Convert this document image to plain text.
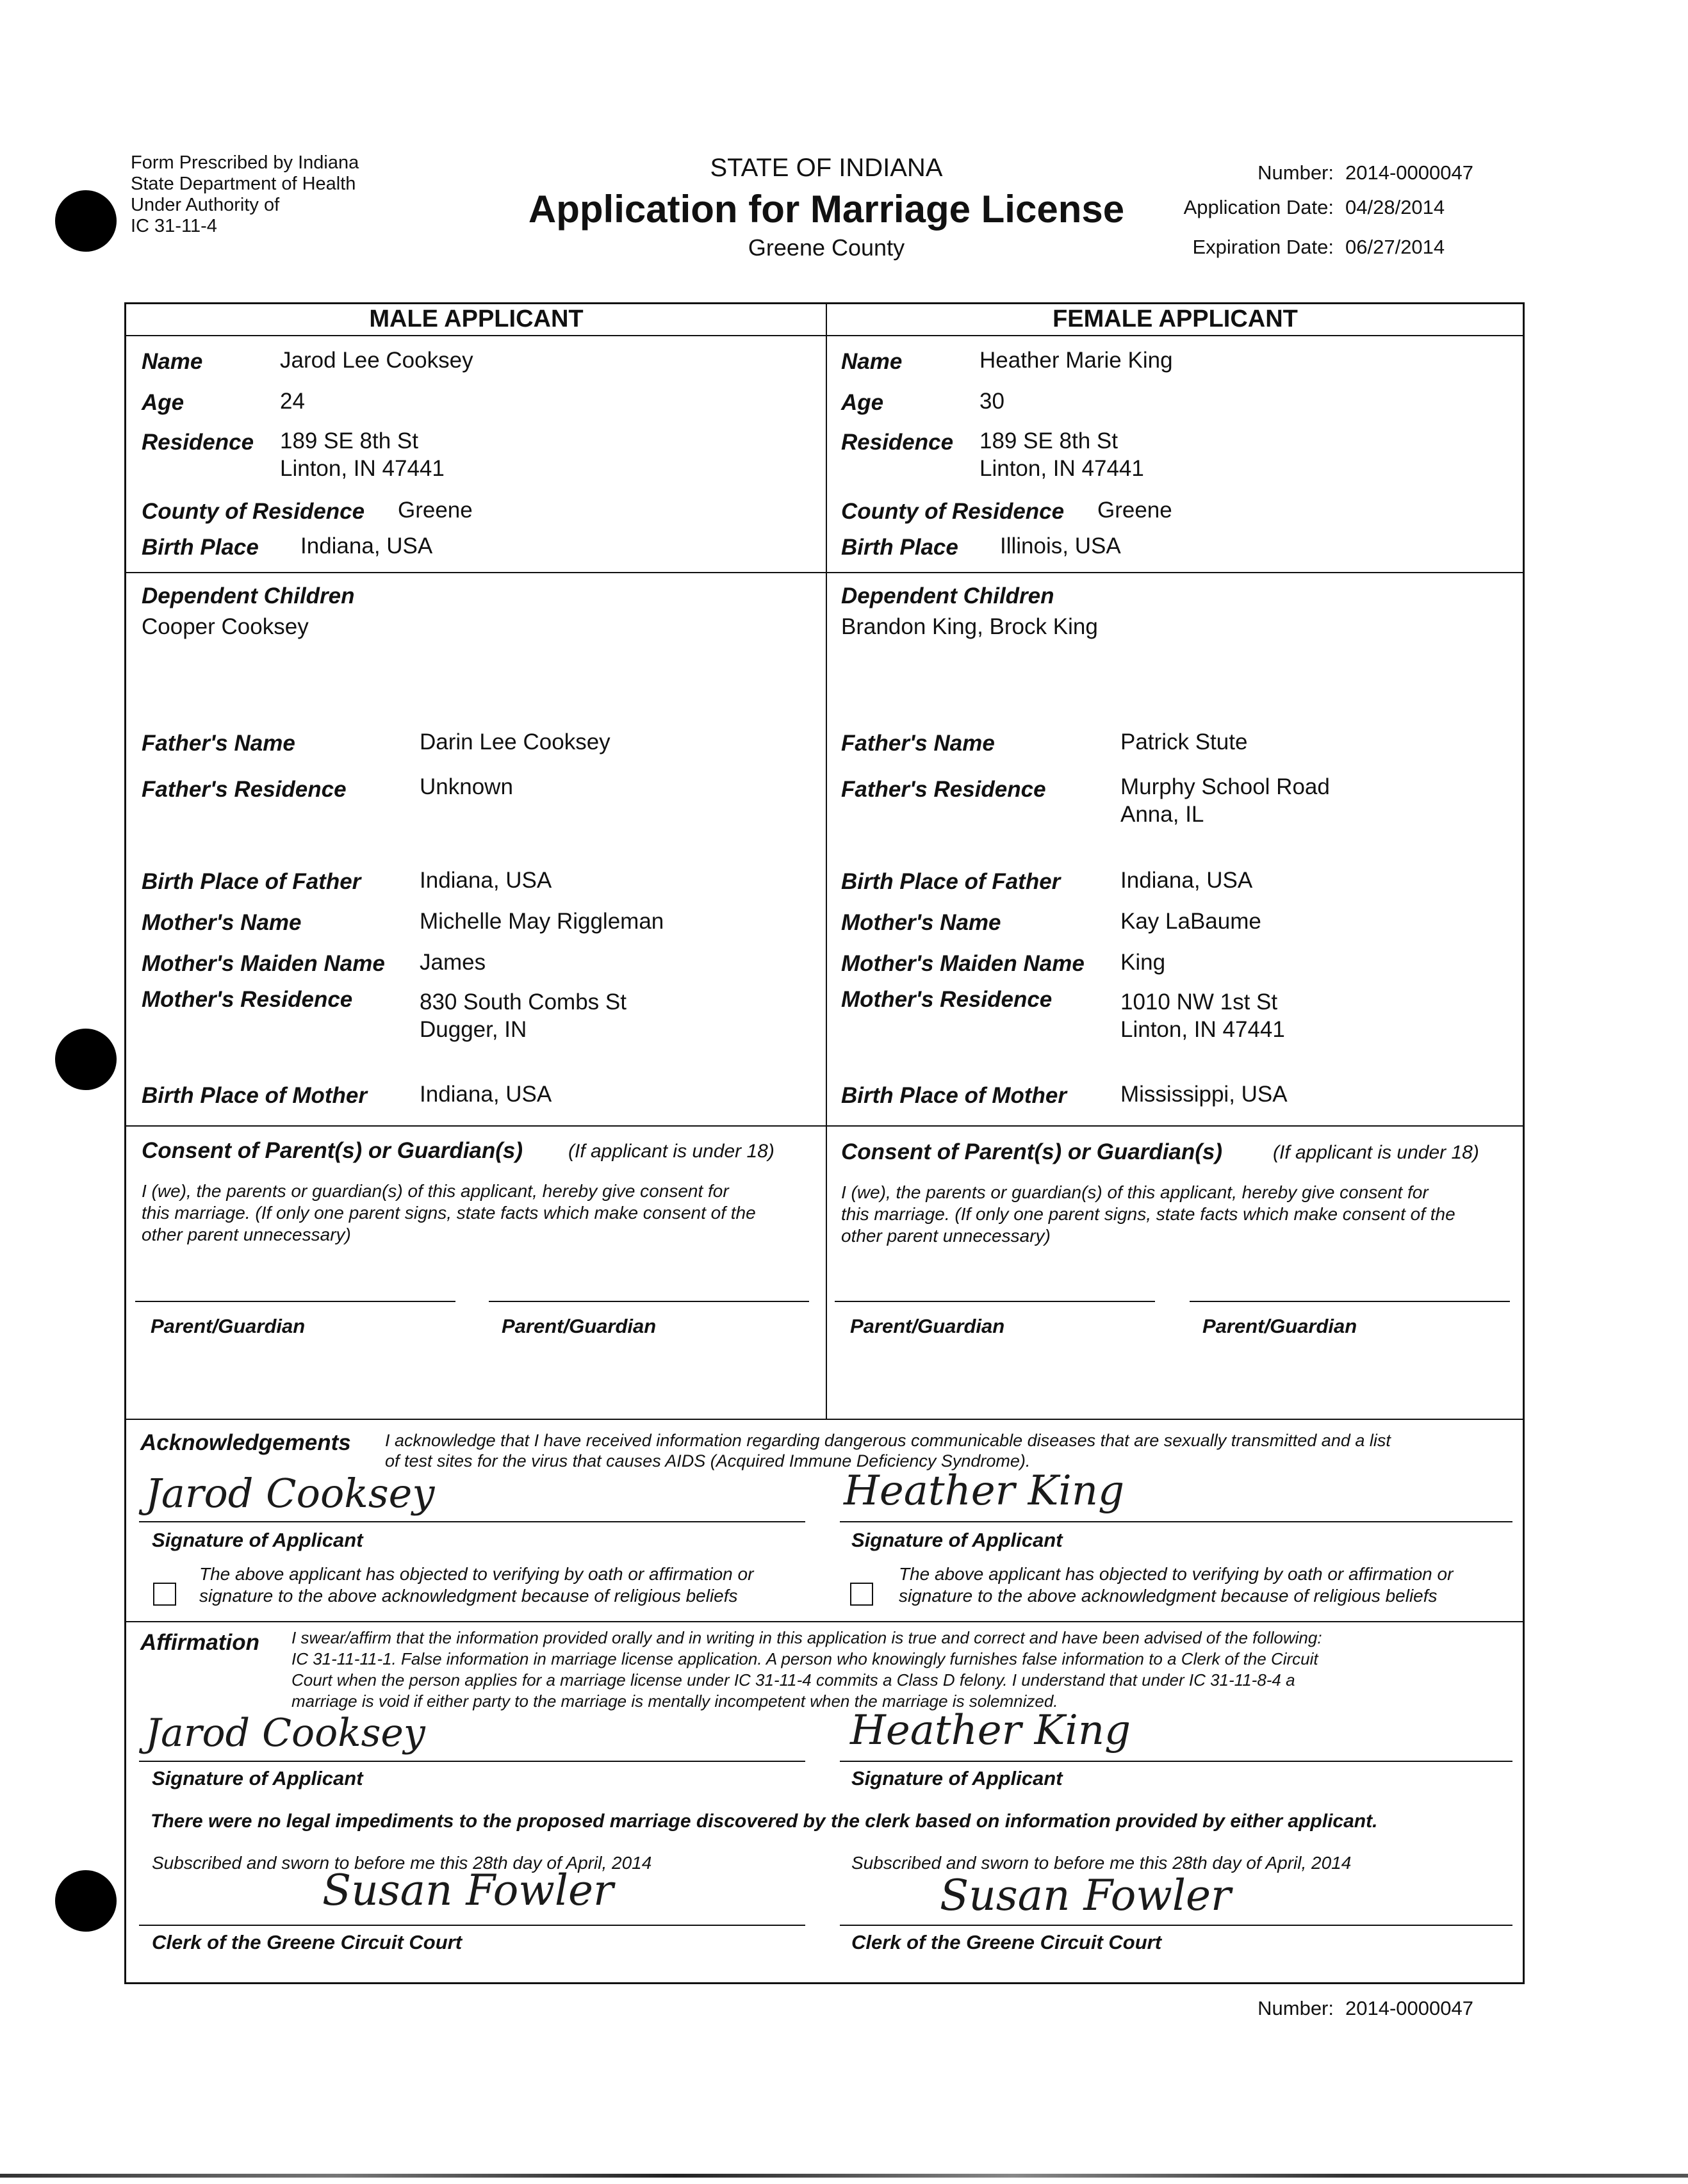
Form Prescribed by Indiana
State Department of Health
Under Authority of
IC 31-11-4
STATE OF INDIANA
Application for Marriage License
Greene County
Number: 2014-0000047
Application Date: 04/28/2014
Expiration Date: 06/27/2014
MALE APPLICANT	FEMALE APPLICANT
Name	Jarod Lee Cooksey
Age	24
Residence 189 SE 8th St
Linton, IN 47441
County of Residence Greene
Birth Place Indiana, USA
Dependent Children
Cooper Cooksey
Father's Name	Darin Lee Cooksey
Father's Residence	Unknown
Birth Place of Father	Indiana, USA
Mother's Name	Michelle May Riggleman
Mother's Maiden Name James
Mother's Residence	830 South Combs St
Dugger, IN
Birth Place of Mother Indiana, USA
Name	Heather Marie King
Age	30
Residence 189 SE 8th St
Linton, IN 47441
County of Residence Greene
Birth Place Illinois, USA
Dependent Children
Brandon King, Brock King
Father's Name	Patrick Stute
Father's Residence	Murphy School Road
Anna, IL
Birth Place of Father	Indiana, USA
Mother's Name	Kay LaBaume
Mother's Maiden Name King
Mother's Residence	1010 NW 1st St
Linton, IN 47441
Birth Place of Mother Mississippi, USA
Consent of Parent(s) or Guardian(s) (If applicant is under 18)
I (we), the parents or guardian(s) of this applicant, hereby give consent for
this marriage. (If only one parent signs, state facts which make consent of the
other parent unnecessary)
Parent/Guardian	Parent/Guardian
Consent of Parent(s) or Guardian(s)	(If applicant is under 18)
I (we), the parents or guardian(s) of this applicant, hereby give consent for
this marriage. (If only one parent signs, state facts which make consent of the
other parent unnecessary)
Parent/Guardian	Parent/Guardian
Acknowledgements I acknowledge that I have received information regarding dangerous communicable diseases that are sexually transmitted and a list
of test sites for the virus that causes AIDS (Acquired Immune Deficiency Syndrome).
Jarod Cooksey
Signature of Applicant
Heather King
Signature of Applicant
The above applicant has objected to verifying by oath or affirmation or
signature to the above acknowledgment because of religious beliefs
The above applicant has objected to verifying by oath or affirmation or
signature to the above acknowledgment because of religious beliefs
Affirmation I swear/affirm that the information provided orally and in writing in this application is true and correct and have been advised of the following:
IC 31-11-11-1. False information in marriage license application. A person who knowingly furnishes false information to a Clerk of the Circuit
Court when the person applies for a marriage license under IC 31-11-4 commits a Class D felony. I understand that under IC 31-11-8-4 a
marriage is void if either party to the marriage is mentally incompetent when the marriage is solemnized.
Jarod Cooksey
Signature of Applicant
Heather King
Signature of Applicant
There were no legal impediments to the proposed marriage discovered by the clerk based on information provided by either applicant.
Subscribed and sworn to before me this 28th day of April, 2014
Susan Fowler
Clerk of the Greene Circuit Court
Subscribed and sworn to before me this 28th day of April, 2014
Susan Fowler
Clerk of the Greene Circuit Court
Number: 2014-0000047
